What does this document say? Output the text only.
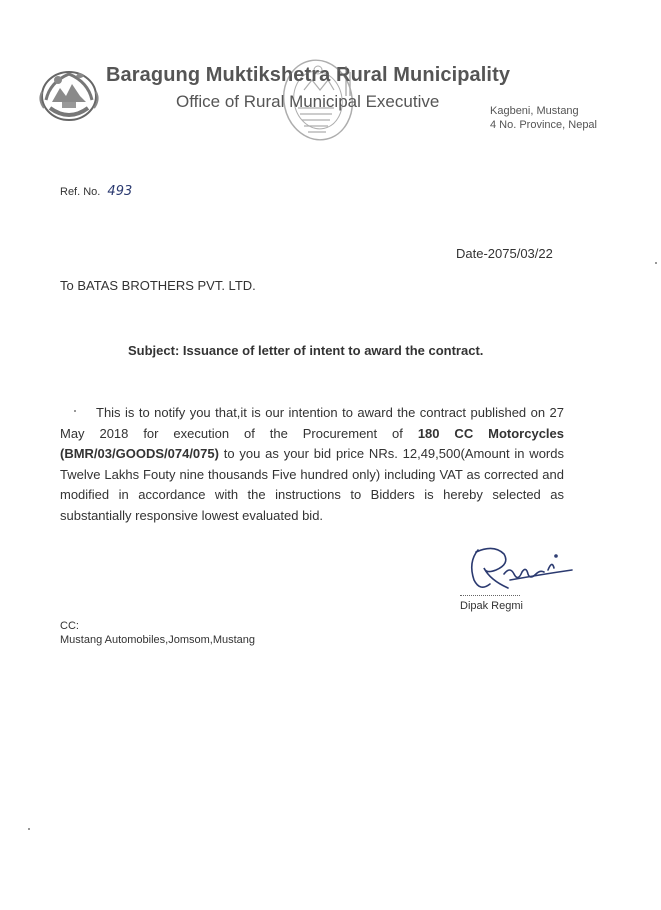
Baragung Muktikshetra Rural Municipality
Office of Rural Municipal Executive	Kagbeni, Mustang
4 No. Province, Nepal
Ref. No. 493
Date-2075/03/22
To BATAS BROTHERS PVT. LTD.
Subject: Issuance of letter of intent to award the contract.

This is to notify you that,it is our intention to award the contract published on 27 May 2018 for execution of the Procurement of 180 CC Motorcycles (BMR/03/GOODS/074/075) to you as your bid price NRs. 12,49,500(Amount in words Twelve Lakhs Fouty nine thousands Five hundred only) including VAT as corrected and modified in accordance with the instructions to Bidders is hereby selected as substantially responsive lowest evaluated bid.

Dipak Regmi
CC:
Mustang Automobiles,Jomsom,Mustang
